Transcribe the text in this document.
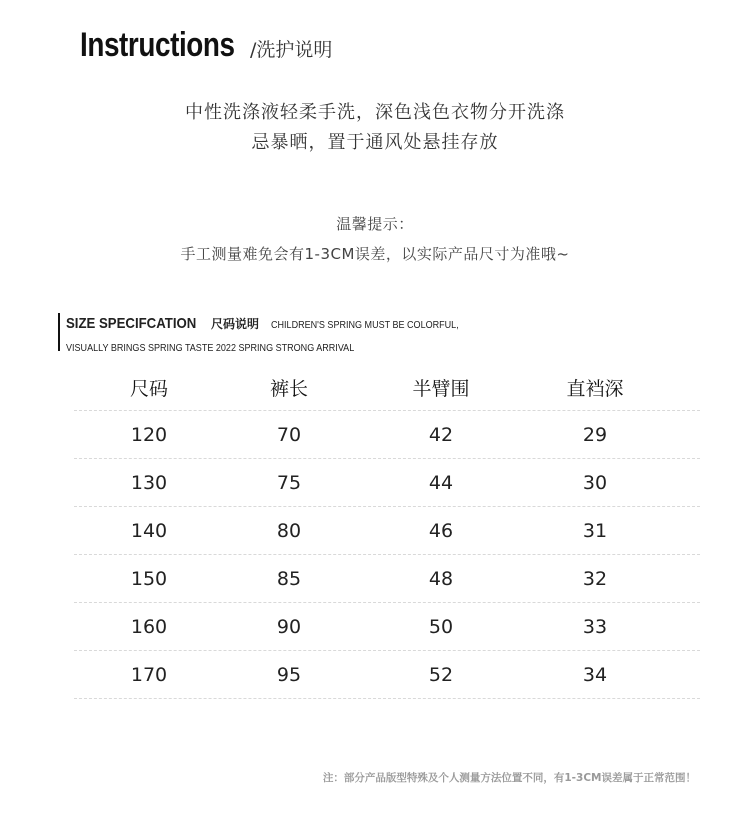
Instructions /洗护说明
中性洗涤液轻柔手洗，深色浅色衣物分开洗涤
忌暴晒，置于通风处悬挂存放
温馨提示：
手工测量难免会有1-3CM误差，以实际产品尺寸为准哦~
SIZE SPECIFCATION 尺码说明 CHILDREN'S SPRING MUST BE COLORFUL,
VISUALLY BRINGS SPRING TASTE 2022 SPRING STRONG ARRIVAL
尺码	裤长	半臂围	直裆深
120	70	42	29
130	75	44	30
140	80	46	31
150	85	48	32
160	90	50	33
170	95	52	34
注：部分产品版型特殊及个人测量方法位置不同，有1-3CM误差属于正常范围！
